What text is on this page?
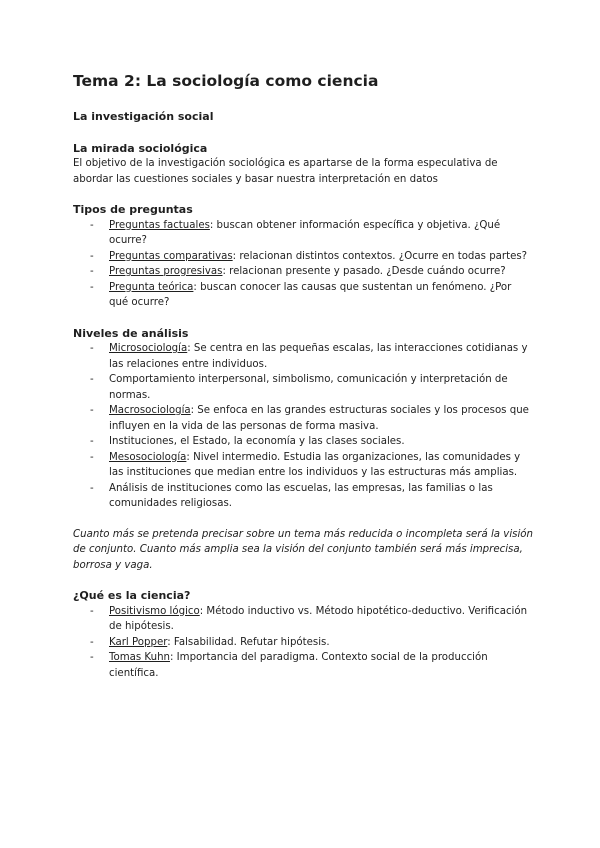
Tema 2: La sociología como ciencia
La investigación social
La mirada sociológica

El objetivo de la investigación sociológica es apartarse de la forma especulativa de abordar las cuestiones sociales y basar nuestra interpretación en datos

Tipos de preguntas
- Preguntas factuales: buscan obtener información específica y objetiva. ¿Qué ocurre?
- Preguntas comparativas: relacionan distintos contextos. ¿Ocurre en todas partes?
- Preguntas progresivas: relacionan presente y pasado. ¿Desde cuándo ocurre?
- Pregunta teórica: buscan conocer las causas que sustentan un fenómeno. ¿Por qué ocurre?
Niveles de análisis
- Microsociología: Se centra en las pequeñas escalas, las interacciones cotidianas y las relaciones entre individuos.
- Comportamiento interpersonal, simbolismo, comunicación y interpretación de normas.
- Macrosociología: Se enfoca en las grandes estructuras sociales y los procesos que influyen en la vida de las personas de forma masiva.
- Instituciones, el Estado, la economía y las clases sociales.
- Mesosociología: Nivel intermedio. Estudia las organizaciones, las comunidades y las instituciones que median entre los individuos y las estructuras más amplias.
- Análisis de instituciones como las escuelas, las empresas, las familias o las comunidades religiosas.

Cuanto más se pretenda precisar sobre un tema más reducida o incompleta será la visión de conjunto. Cuanto más amplia sea la visión del conjunto también será más imprecisa, borrosa y vaga.

¿Qué es la ciencia?
- Positivismo lógico: Método inductivo vs. Método hipotético-deductivo. Verificación de hipótesis.
- Karl Popper: Falsabilidad. Refutar hipótesis.
- Tomas Kuhn: Importancia del paradigma. Contexto social de la producción científica.
